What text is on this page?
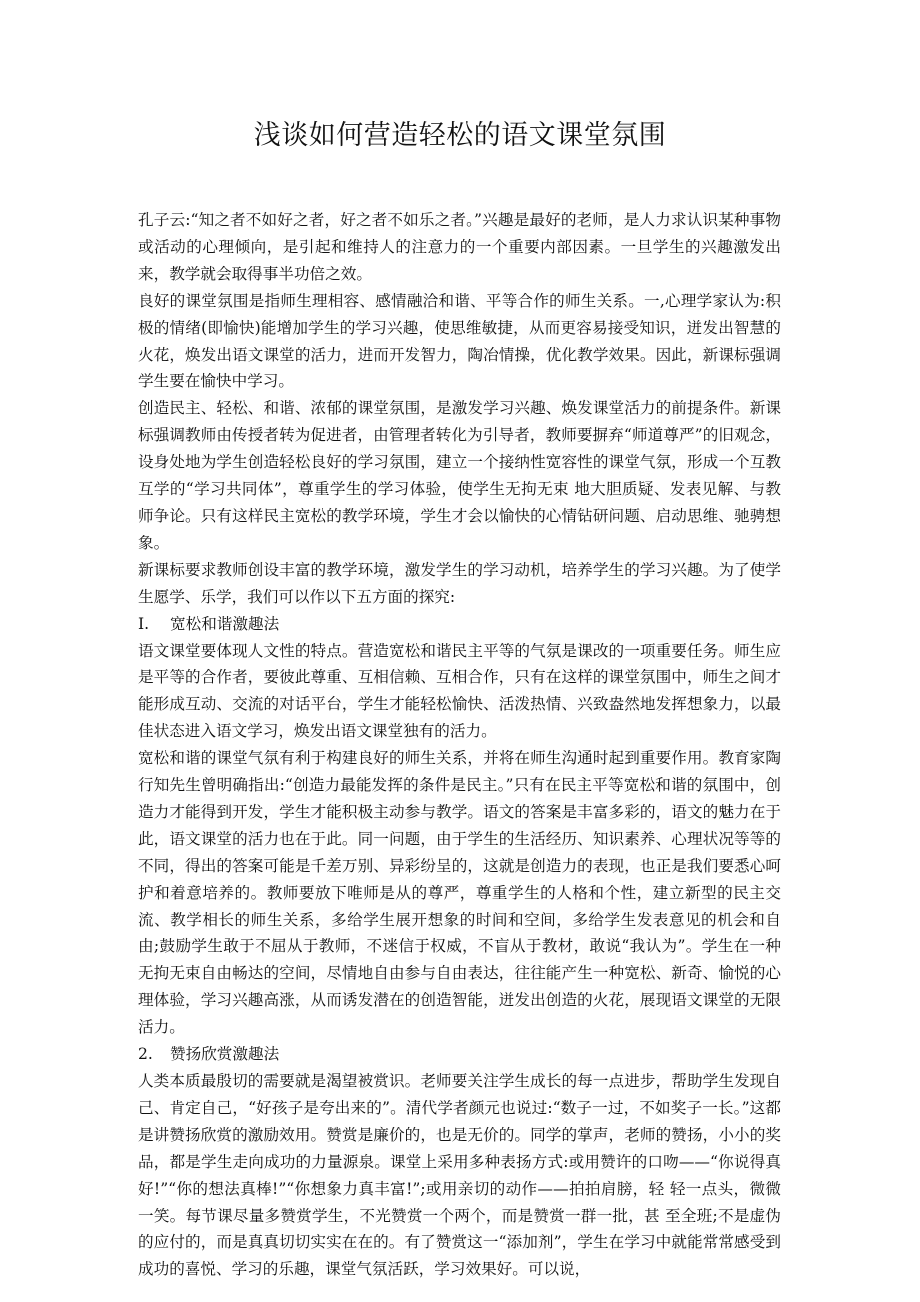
浅谈如何营造轻松的语文课堂氛围

孔子云:“知之者不如好之者，好之者不如乐之者。”兴趣是最好的老师，是人力求认识某种事物或活动的心理倾向，是引起和维持人的注意力的一个重要内部因素。一旦学生的兴趣激发出来，教学就会取得事半功倍之效。

良好的课堂氛围是指师生理相容、感情融洽和谐、平等合作的师生关系。一,心理学家认为:积极的情绪(即愉快)能增加学生的学习兴趣，使思维敏捷，从而更容易接受知识，迸发出智慧的火花，焕发出语文课堂的活力，进而开发智力，陶冶情操，优化教学效果。因此，新课标强调学生要在愉快中学习。

创造民主、轻松、和谐、浓郁的课堂氛围，是激发学习兴趣、焕发课堂活力的前提条件。新课标强调教师由传授者转为促进者，由管理者转化为引导者，教师要摒弃“师道尊严”的旧观念，设身处地为学生创造轻松良好的学习氛围，建立一个接纳性宽容性的课堂气氛，形成一个互教互学的“学习共同体”，尊重学生的学习体验，使学生无拘无束 地大胆质疑、发表见解、与教师争论。只有这样民主宽松的教学环境，学生才会以愉快的心情钻研问题、启动思维、驰骋想象。

新课标要求教师创设丰富的教学环境，激发学生的学习动机，培养学生的学习兴趣。为了使学生愿学、乐学，我们可以作以下五方面的探究:

I. 宽松和谐激趣法

语文课堂要体现人文性的特点。营造宽松和谐民主平等的气氛是课改的一项重要任务。师生应是平等的合作者，要彼此尊重、互相信赖、互相合作，只有在这样的课堂氛围中，师生之间才能形成互动、交流的对话平台，学生才能轻松愉快、活泼热情、兴致盎然地发挥想象力，以最佳状态进入语文学习，焕发出语文课堂独有的活力。

宽松和谐的课堂气氛有利于构建良好的师生关系，并将在师生沟通时起到重要作用。教育家陶行知先生曾明确指出:“创造力最能发挥的条件是民主。”只有在民主平等宽松和谐的氛围中，创造力才能得到开发，学生才能积极主动参与教学。语文的答案是丰富多彩的，语文的魅力在于此，语文课堂的活力也在于此。同一问题，由于学生的生活经历、知识素养、心理状况等等的不同，得出的答案可能是千差万别、异彩纷呈的，这就是创造力的表现，也正是我们要悉心呵护和着意培养的。教师要放下唯师是从的尊严，尊重学生的人格和个性，建立新型的民主交流、教学相长的师生关系，多给学生展开想象的时间和空间，多给学生发表意见的机会和自由;鼓励学生敢于不屈从于教师，不迷信于权威，不盲从于教材，敢说“我认为”。学生在一种无拘无束自由畅达的空间，尽情地自由参与自由表达，往往能产生一种宽松、新奇、愉悦的心理体验，学习兴趣高涨，从而诱发潜在的创造智能，迸发出创造的火花，展现语文课堂的无限活力。

2. 赞扬欣赏激趣法

人类本质最殷切的需要就是渴望被赏识。老师要关注学生成长的每一点进步，帮助学生发现自己、肯定自己，“好孩子是夸出来的”。清代学者颜元也说过:“数子一过，不如奖子一长。”这都是讲赞扬欣赏的激励效用。赞赏是廉价的，也是无价的。同学的掌声，老师的赞扬，小小的奖品，都是学生走向成功的力量源泉。课堂上采用多种表扬方式:或用赞许的口吻——“你说得真好!”“你的想法真棒!”“你想象力真丰富!”;或用亲切的动作——拍拍肩膀，轻 轻一点头，微微一笑。每节课尽量多赞赏学生，不光赞赏一个两个，而是赞赏一群一批，甚 至全班;不是虚伪的应付的，而是真真切切实实在在的。有了赞赏这一“添加剂”，学生在学习中就能常常感受到成功的喜悦、学习的乐趣，课堂气氛活跃，学习效果好。可以说，
